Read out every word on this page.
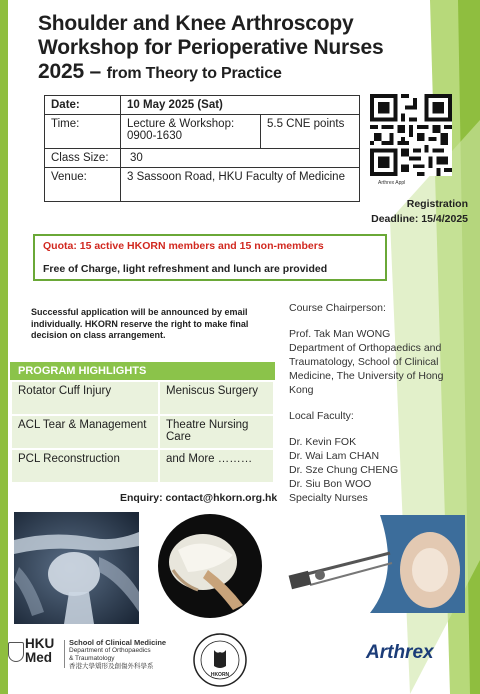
Shoulder and Knee Arthroscopy
Workshop for Perioperative Nurses
2025 – from Theory to Practice
Date:	10 May 2025 (Sat)	
Time:	Lecture & Workshop: 0900-1630	5.5 CNE points
Class Size:	30	
Venue:	3 Sassoon Road, HKU Faculty of Medicine		Arthrex Appl
Registration
Deadline: 15/4/2025
Quota: 15 active HKORN members and 15 non-members
Free of Charge, light refreshment and lunch are provided
Successful application will be announced by email individually. HKORN reserve the right to make final decision on class arrangement.
PROGRAM HIGHLIGHTS
Rotator Cuff Injury	Meniscus Surgery
ACL Tear & Management	Theatre Nursing Care
PCL Reconstruction	and More ………
Course Chairperson:
Prof. Tak Man WONG
Department of Orthopaedics and Traumatology, School of Clinical Medicine, The University of Hong Kong
Local Faculty:
Dr. Kevin FOK
Dr. Wai Lam CHAN
Dr. Sze Chung CHENG
Dr. Siu Bon WOO
Specialty Nurses
Enquiry: contact@hkorn.org.hk
HKU
Med
School of Clinical Medicine
Department of Orthopaedics
& Traumatology
香港大學矯形及創傷外科學系
HKORN
Arthrex
